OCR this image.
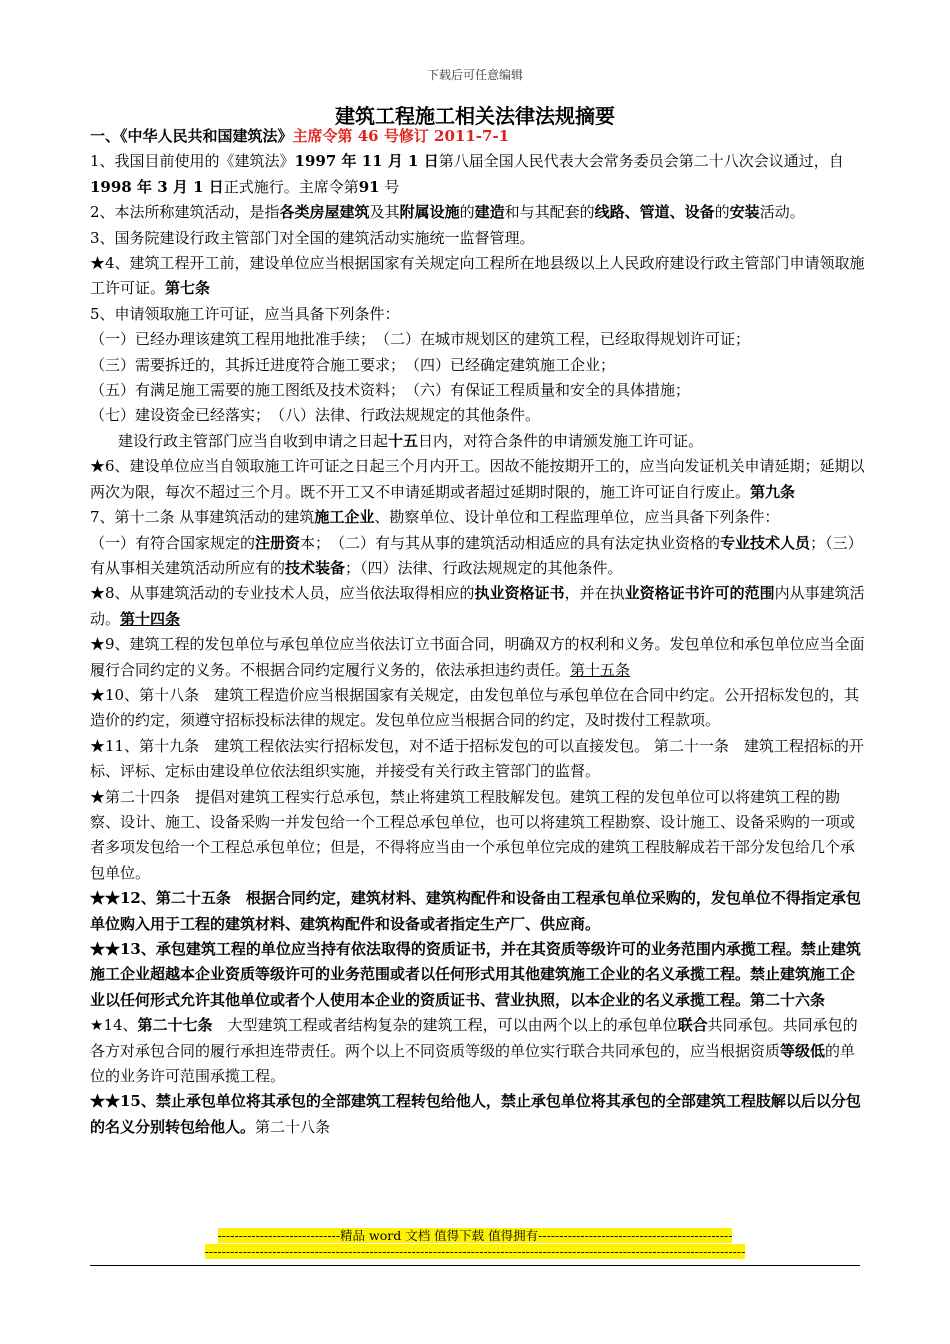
下载后可任意编辑
建筑工程施工相关法律法规摘要

一、《中华人民共和国建筑法》主席令第 46 号修订 2011-7-1

1、我国目前使用的《建筑法》1997 年 11 月 1 日第八届全国人民代表大会常务委员会第二十八次会议通过，自1998 年 3 月 1 日正式施行。主席令第91 号

2、本法所称建筑活动，是指各类房屋建筑及其附属设施的建造和与其配套的线路、管道、设备的安装活动。

3、国务院建设行政主管部门对全国的建筑活动实施统一监督管理。

★4、建筑工程开工前，建设单位应当根据国家有关规定向工程所在地县级以上人民政府建设行政主管部门申请领取施工许可证。第七条

5、申请领取施工许可证，应当具备下列条件：

（一）已经办理该建筑工程用地批准手续；　（二）在城市规划区的建筑工程，已经取得规划许可证；

（三）需要拆迁的，其拆迁进度符合施工要求；　（四）已经确定建筑施工企业；

（五）有满足施工需要的施工图纸及技术资料；　（六）有保证工程质量和安全的具体措施；

（七）建设资金已经落实；　（八）法律、行政法规规定的其他条件。

建设行政主管部门应当自收到申请之日起十五日内，对符合条件的申请颁发施工许可证。

★6、建设单位应当自领取施工许可证之日起三个月内开工。因故不能按期开工的，应当向发证机关申请延期；延期以两次为限，每次不超过三个月。既不开工又不申请延期或者超过延期时限的，施工许可证自行废止。第九条

7、第十二条 从事建筑活动的建筑施工企业、勘察单位、设计单位和工程监理单位，应当具备下列条件：
（一）有符合国家规定的注册资本；　（二）有与其从事的建筑活动相适应的具有法定执业资格的专业技术人员；（三）有从事相关建筑活动所应有的技术装备；（四）法律、行政法规规定的其他条件。

★8、从事建筑活动的专业技术人员，应当依法取得相应的执业资格证书，并在执业资格证书许可的范围内从事建筑活动。第十四条

★9、建筑工程的发包单位与承包单位应当依法订立书面合同，明确双方的权利和义务。发包单位和承包单位应当全面履行合同约定的义务。不根据合同约定履行义务的，依法承担违约责任。第十五条

★10、第十八条　建筑工程造价应当根据国家有关规定，由发包单位与承包单位在合同中约定。公开招标发包的，其造价的约定，须遵守招标投标法律的规定。发包单位应当根据合同的约定，及时拨付工程款项。

★11、第十九条　建筑工程依法实行招标发包，对不适于招标发包的可以直接发包。 第二十一条　建筑工程招标的开标、评标、定标由建设单位依法组织实施，并接受有关行政主管部门的监督。

★第二十四条　提倡对建筑工程实行总承包，禁止将建筑工程肢解发包。建筑工程的发包单位可以将建筑工程的勘察、设计、施工、设备采购一并发包给一个工程总承包单位，也可以将建筑工程勘察、设计施工、设备采购的一项或者多项发包给一个工程总承包单位；但是，不得将应当由一个承包单位完成的建筑工程肢解成若干部分发包给几个承包单位。

★★12、第二十五条　根据合同约定，建筑材料、建筑构配件和设备由工程承包单位采购的，发包单位不得指定承包单位购入用于工程的建筑材料、建筑构配件和设备或者指定生产厂、供应商。

★★13、承包建筑工程的单位应当持有依法取得的资质证书，并在其资质等级许可的业务范围内承揽工程。禁止建筑施工企业超越本企业资质等级许可的业务范围或者以任何形式用其他建筑施工企业的名义承揽工程。禁止建筑施工企业以任何形式允许其他单位或者个人使用本企业的资质证书、营业执照，以本企业的名义承揽工程。第二十六条

★14、第二十七条　大型建筑工程或者结构复杂的建筑工程，可以由两个以上的承包单位联合共同承包。共同承包的各方对承包合同的履行承担连带责任。两个以上不同资质等级的单位实行联合共同承包的，应当根据资质等级低的单位的业务许可范围承揽工程。

★★15、禁止承包单位将其承包的全部建筑工程转包给他人，禁止承包单位将其承包的全部建筑工程肢解以后以分包的名义分别转包给他人。第二十八条

-----------------------------精品 word 文档 值得下载 值得拥有----------------------------------------------
--------------------------------------------------------------------------------------------------------------------------------
